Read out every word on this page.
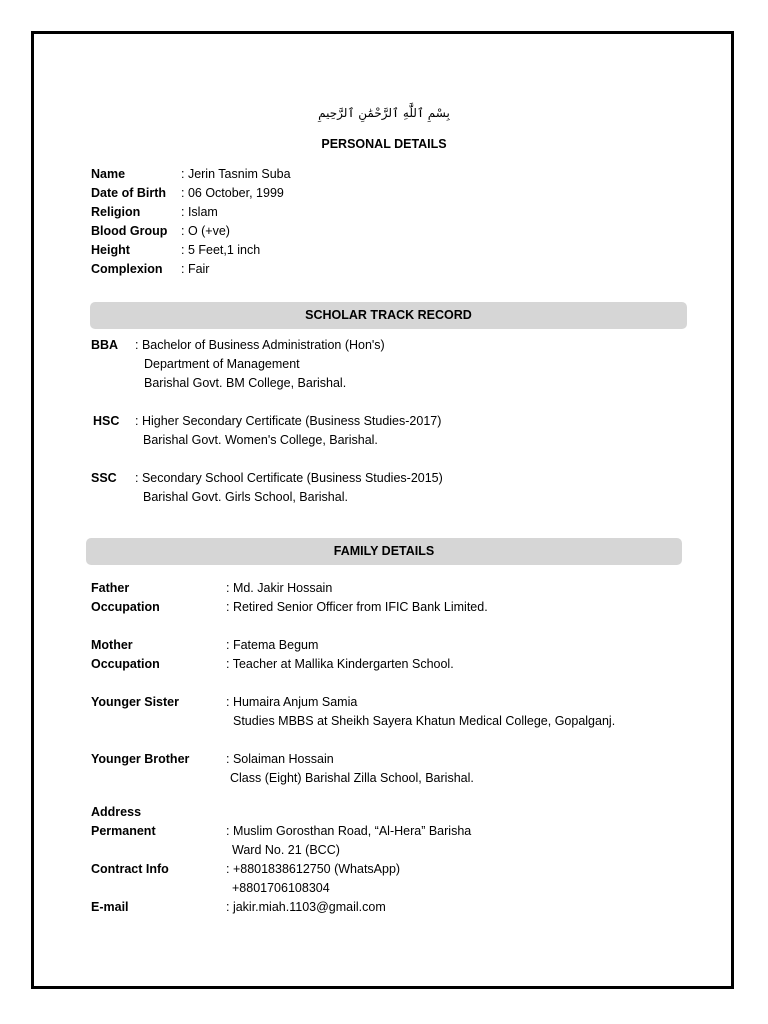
بِسْمِ ٱللَّٰهِ ٱلرَّحْمَٰنِ ٱلرَّحِيمِ
PERSONAL DETAILS
Name	: Jerin Tasnim Suba
Date of Birth : 06 October, 1999
Religion	: Islam
Blood Group : O (+ve)
Height	: 5 Feet,1 inch
Complexion : Fair
SCHOLAR TRACK RECORD
BBA : Bachelor of Business Administration (Hon's)
Department of Management
Barishal Govt. BM College, Barishal.
HSC : Higher Secondary Certificate (Business Studies-2017)
Barishal Govt. Women's College, Barishal.
SSC : Secondary School Certificate (Business Studies-2015)
Barishal Govt. Girls School, Barishal.
FAMILY DETAILS
Father	: Md. Jakir Hossain
Occupation	: Retired Senior Officer from IFIC Bank Limited.
Mother	: Fatema Begum
Occupation	: Teacher at Mallika Kindergarten School.
Younger Sister	: Humaira Anjum Samia
Studies MBBS at Sheikh Sayera Khatun Medical College, Gopalganj.
Younger Brother	: Solaiman Hossain
Class (Eight) Barishal Zilla School, Barishal.
Address
Permanent	: Muslim Gorosthan Road, “Al-Hera” Barisha
Ward No. 21 (BCC)
Contract Info	: +8801838612750 (WhatsApp)
+8801706108304
E-mail	: jakir.miah.1103@gmail.com
